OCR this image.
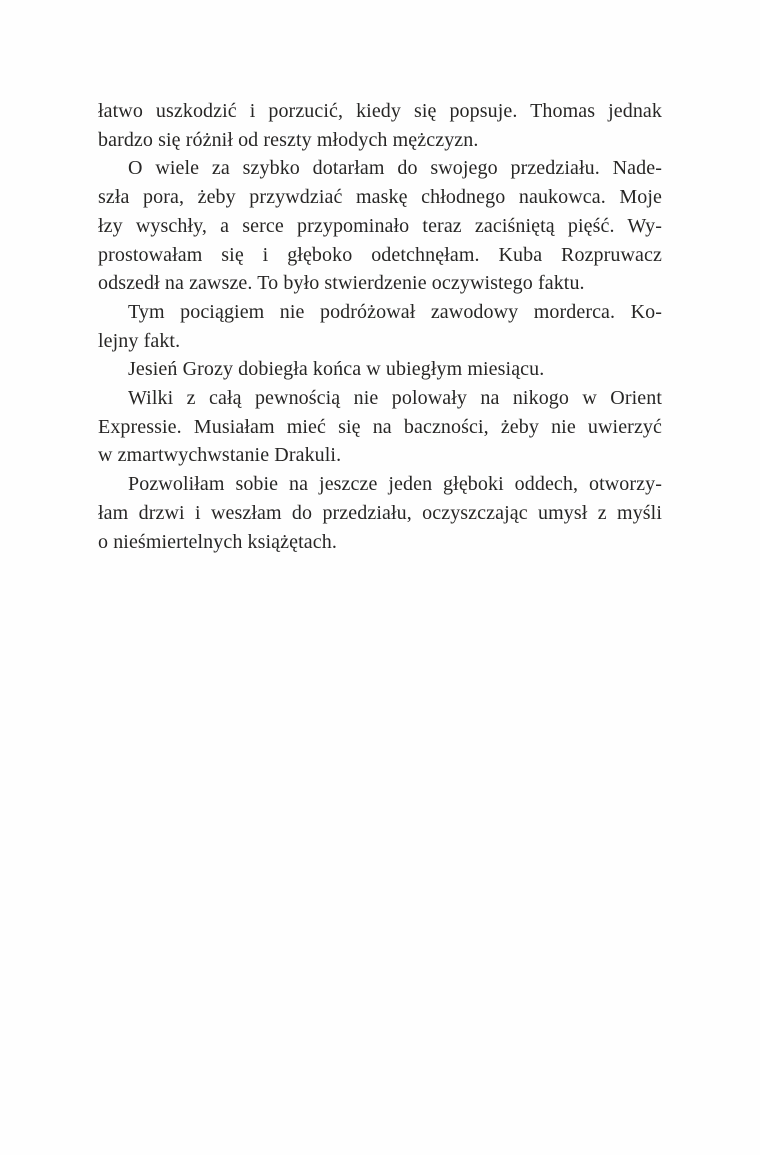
łatwo uszkodzić i porzucić, kiedy się popsuje. Thomas jednak
bardzo się różnił od reszty młodych mężczyzn.
O wiele za szybko dotarłam do swojego przedziału. Nade-
szła pora, żeby przywdziać maskę chłodnego naukowca. Moje
łzy wyschły, a serce przypominało teraz zaciśniętą pięść. Wy-
prostowałam się i głęboko odetchnęłam. Kuba Rozpruwacz
odszedł na zawsze. To było stwierdzenie oczywistego faktu.
Tym pociągiem nie podróżował zawodowy morderca. Ko-
lejny fakt.
Jesień Grozy dobiegła końca w ubiegłym miesiącu.
Wilki z całą pewnością nie polowały na nikogo w Orient
Expressie. Musiałam mieć się na baczności, żeby nie uwierzyć
w zmartwychwstanie Drakuli.
Pozwoliłam sobie na jeszcze jeden głęboki oddech, otworzy-
łam drzwi i weszłam do przedziału, oczyszczając umysł z myśli
o nieśmiertelnych książętach.
